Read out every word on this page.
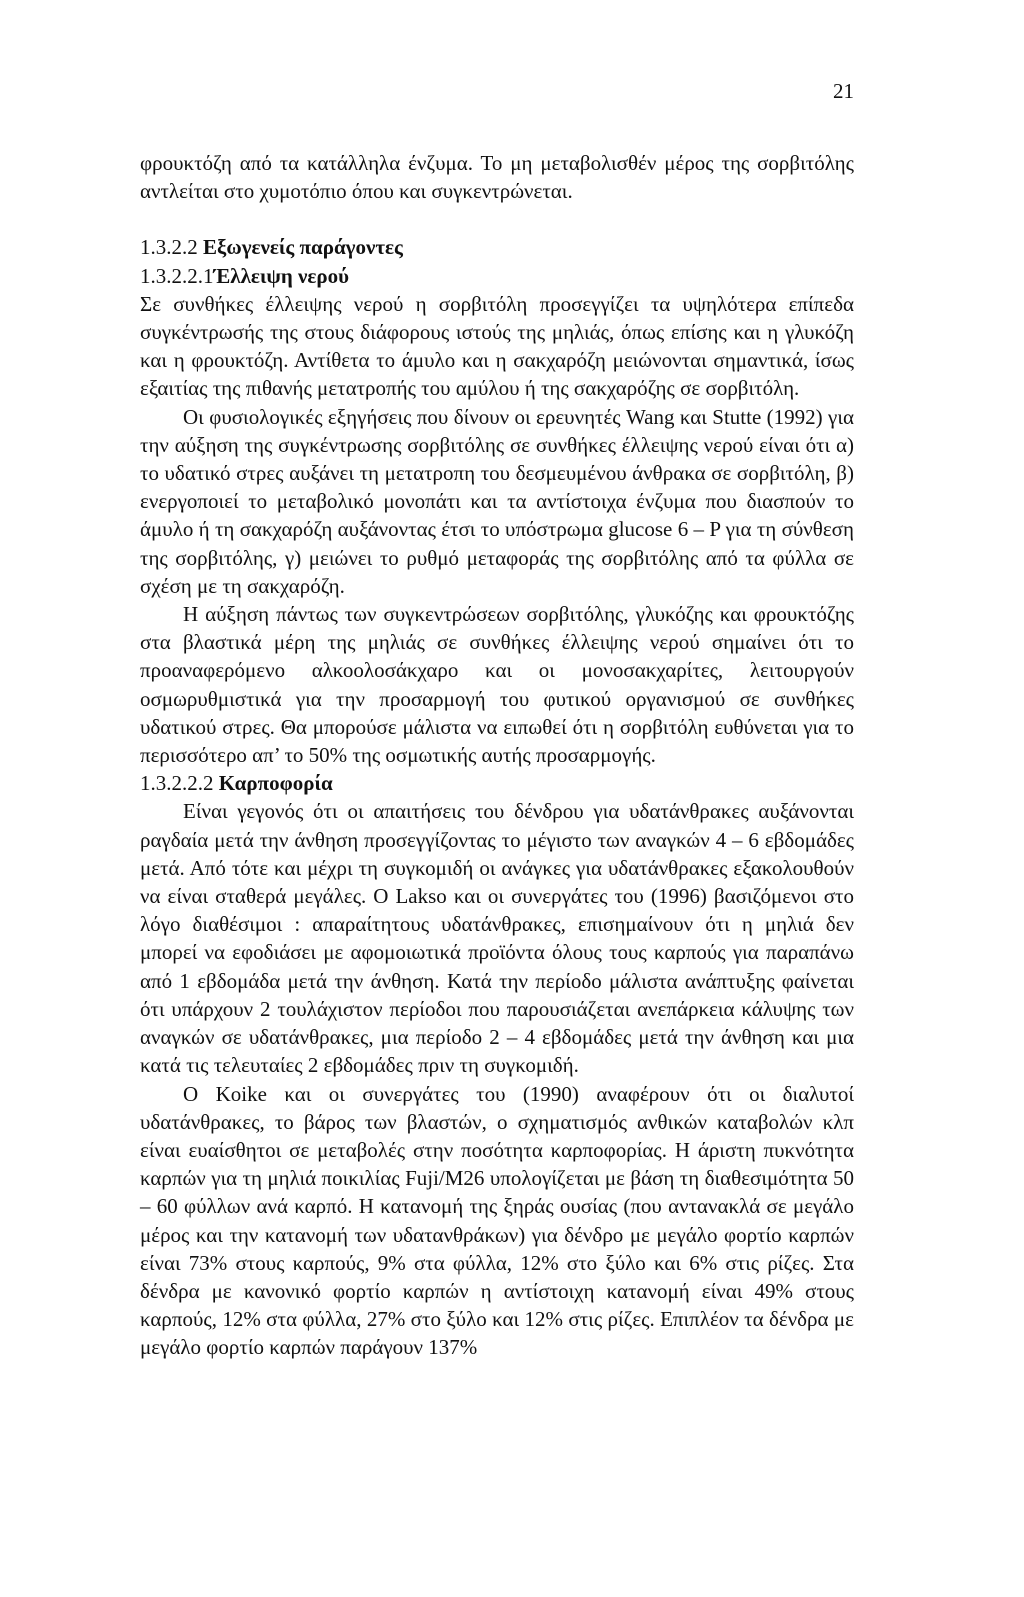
21

φρουκτόζη από τα κατάλληλα ένζυμα. Το μη μεταβολισθέν μέρος της σορβιτόλης αντλείται στο χυμοτόπιο όπου και συγκεντρώνεται.

1.3.2.2 Εξωγενείς παράγοντες
1.3.2.2.1Έλλειψη νερού

Σε συνθήκες έλλειψης νερού η σορβιτόλη προσεγγίζει τα υψηλότερα επίπεδα συγκέντρωσής της στους διάφορους ιστούς της μηλιάς, όπως επίσης και η γλυκόζη και η φρουκτόζη. Αντίθετα το άμυλο και η σακχαρόζη μειώνονται σημαντικά, ίσως εξαιτίας της πιθανής μετατροπής του αμύλου ή της σακχαρόζης σε σορβιτόλη.

Οι φυσιολογικές εξηγήσεις που δίνουν οι ερευνητές Wang και Stutte (1992) για την αύξηση της συγκέντρωσης σορβιτόλης σε συνθήκες έλλειψης νερού είναι ότι α) το υδατικό στρες αυξάνει τη μετατροπη του δεσμευμένου άνθρακα σε σορβιτόλη, β) ενεργοποιεί το μεταβολικό μονοπάτι και τα αντίστοιχα ένζυμα που διασπούν το άμυλο ή τη σακχαρόζη αυξάνοντας έτσι το υπόστρωμα glucose 6 – P για τη σύνθεση της σορβιτόλης, γ) μειώνει το ρυθμό μεταφοράς της σορβιτόλης από τα φύλλα σε σχέση με τη σακχαρόζη.

Η αύξηση πάντως των συγκεντρώσεων σορβιτόλης, γλυκόζης και φρουκτόζης στα βλαστικά μέρη της μηλιάς σε συνθήκες έλλειψης νερού σημαίνει ότι το προαναφερόμενο αλκοολοσάκχαρο και οι μονοσακχαρίτες, λειτουργούν οσμωρυθμιστικά για την προσαρμογή του φυτικού οργανισμού σε συνθήκες υδατικού στρες. Θα μπορούσε μάλιστα να ειπωθεί ότι η σορβιτόλη ευθύνεται για το περισσότερο απ’ το 50% της οσμωτικής αυτής προσαρμογής.

1.3.2.2.2 Καρποφορία

Είναι γεγονός ότι οι απαιτήσεις του δένδρου για υδατάνθρακες αυξάνονται ραγδαία μετά την άνθηση προσεγγίζοντας το μέγιστο των αναγκών 4 – 6 εβδομάδες μετά. Από τότε και μέχρι τη συγκομιδή οι ανάγκες για υδατάνθρακες εξακολουθούν να είναι σταθερά μεγάλες. Ο Lakso και οι συνεργάτες του (1996) βασιζόμενοι στο λόγο διαθέσιμοι : απαραίτητους υδατάνθρακες, επισημαίνουν ότι η μηλιά δεν μπορεί να εφοδιάσει με αφομοιωτικά προϊόντα όλους τους καρπούς για παραπάνω από 1 εβδομάδα μετά την άνθηση. Κατά την περίοδο μάλιστα ανάπτυξης φαίνεται ότι υπάρχουν 2 τουλάχιστον περίοδοι που παρουσιάζεται ανεπάρκεια κάλυψης των αναγκών σε υδατάνθρακες, μια περίοδο 2 – 4 εβδομάδες μετά την άνθηση και μια κατά τις τελευταίες 2 εβδομάδες πριν τη συγκομιδή.

Ο Koike και οι συνεργάτες του (1990) αναφέρουν ότι οι διαλυτοί υδατάνθρακες, το βάρος των βλαστών, ο σχηματισμός ανθικών καταβολών κλπ είναι ευαίσθητοι σε μεταβολές στην ποσότητα καρποφορίας. Η άριστη πυκνότητα καρπών για τη μηλιά ποικιλίας Fuji/M26 υπολογίζεται με βάση τη διαθεσιμότητα 50 – 60 φύλλων ανά καρπό. Η κατανομή της ξηράς ουσίας (που αντανακλά σε μεγάλο μέρος και την κατανομή των υδατανθράκων) για δένδρο με μεγάλο φορτίο καρπών είναι 73% στους καρπούς, 9% στα φύλλα, 12% στο ξύλο και 6% στις ρίζες. Στα δένδρα με κανονικό φορτίο καρπών η αντίστοιχη κατανομή είναι 49% στους καρπούς, 12% στα φύλλα, 27% στο ξύλο και 12% στις ρίζες. Επιπλέον τα δένδρα με μεγάλο φορτίο καρπών παράγουν 137%
